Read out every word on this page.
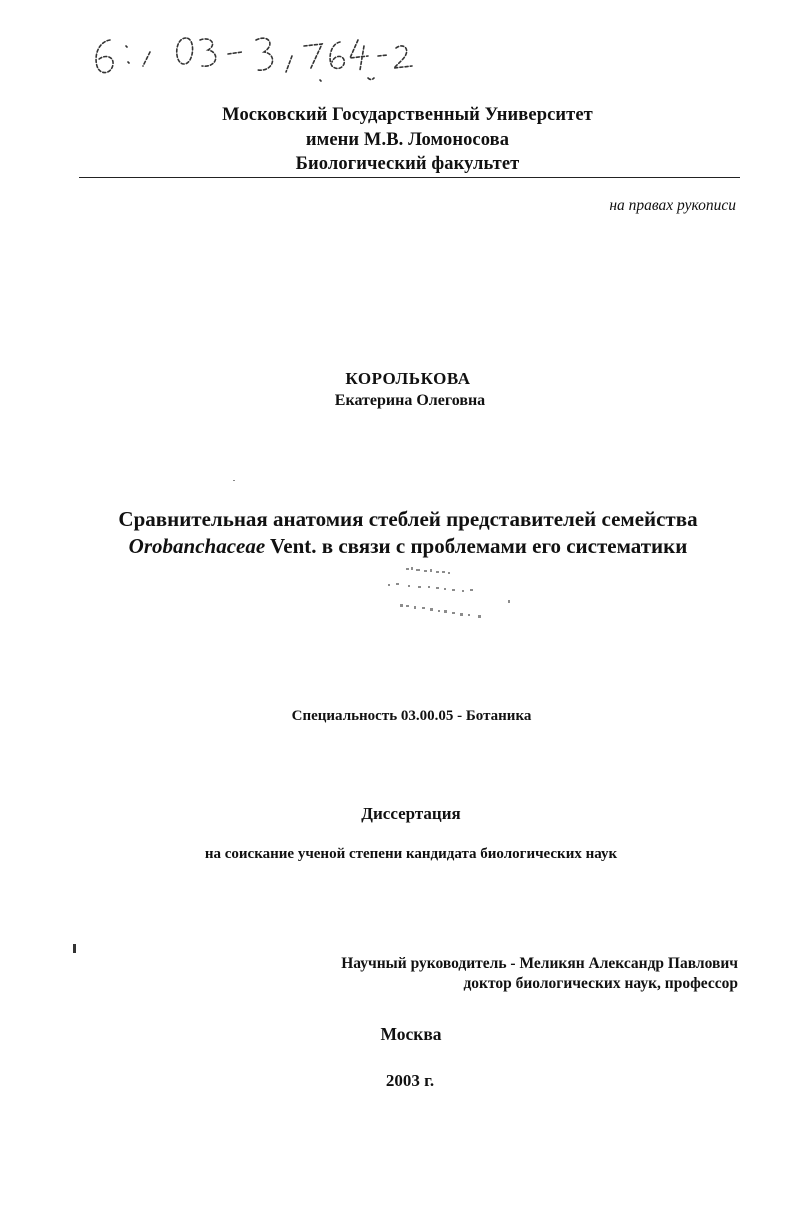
Московский Государственный Университет
имени М.В. Ломоносова
Биологический факультет
на правах рукописи
КОРОЛЬКОВА
Екатерина Олеговна
Сравнительная анатомия стеблей представителей семейства
Orobanchaceae Vent. в связи с проблемами его систематики
Специальность 03.00.05 - Ботаника
Диссертация
на соискание ученой степени кандидата биологических наук
Научный руководитель - Меликян Александр Павлович
доктор биологических наук, профессор
Москва
2003 г.
